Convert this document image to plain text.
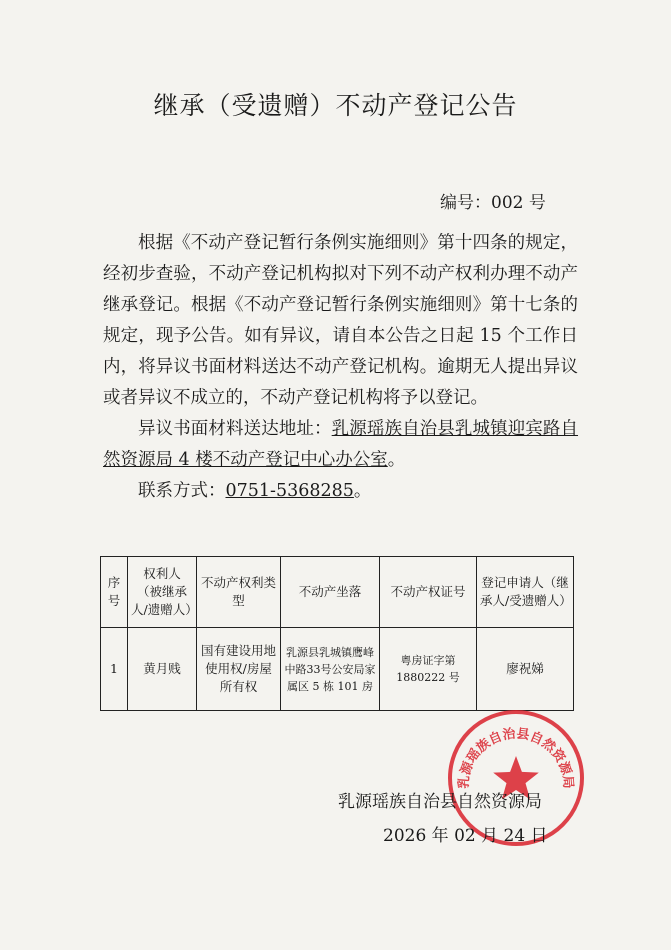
继承（受遗赠）不动产登记公告
编号：002 号

根据《不动产登记暂行条例实施细则》第十四条的规定，经初步查验，不动产登记机构拟对下列不动产权利办理不动产继承登记。根据《不动产登记暂行条例实施细则》第十七条的规定，现予公告。如有异议，请自本公告之日起 15 个工作日内，将异议书面材料送达不动产登记机构。逾期无人提出异议或者异议不成立的，不动产登记机构将予以登记。

异议书面材料送达地址：乳源瑶族自治县乳城镇迎宾路自然资源局 4 楼不动产登记中心办公室。

联系方式：0751-5368285。

序号	权利人（被继承人/遗赠人）	不动产权利类型	不动产坐落	不动产权证号	登记申请人（继承人/受遗赠人）
1	黄月贱	国有建设用地使用权/房屋所有权	乳源县乳城镇鹰峰中路33号公安局家属区 5 栋 101 房	粤房证字第1880222 号	廖祝娣
乳源瑶族自治县自然资源局
乳源瑶族自治县自然资源局
2026 年 02 月 24 日
